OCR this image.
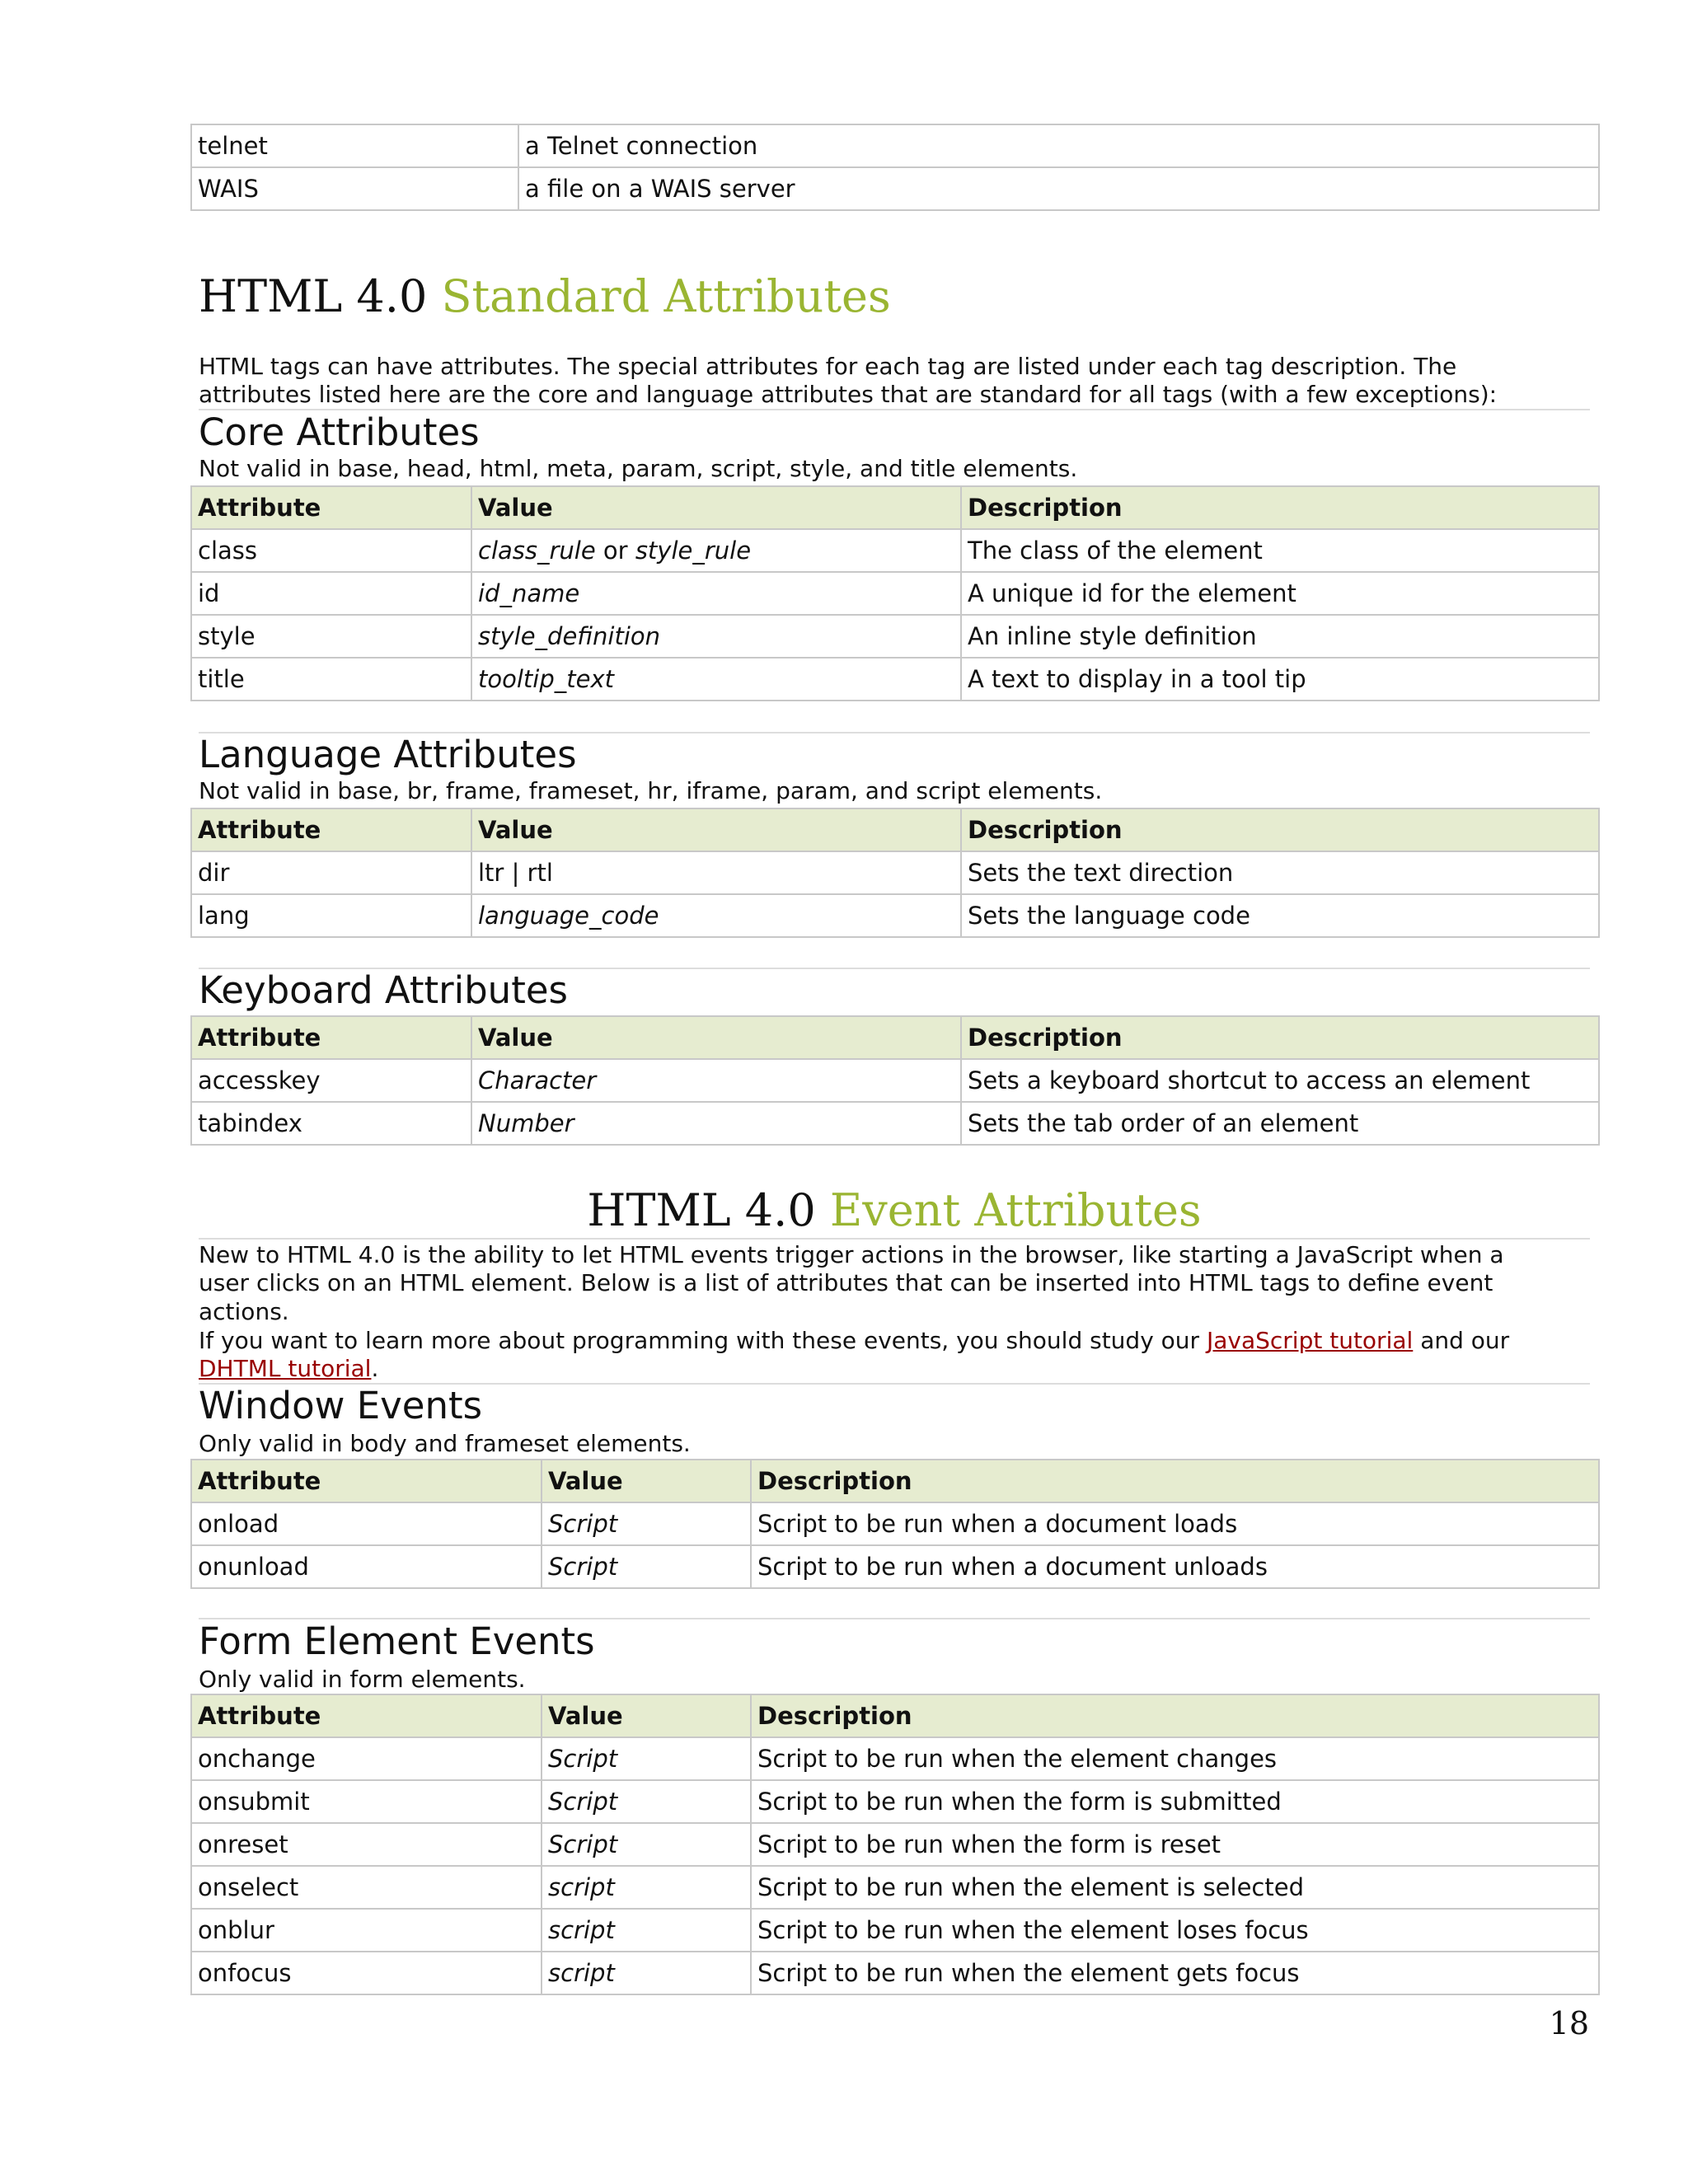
telnet	a Telnet connection
WAIS	a file on a WAIS server
HTML 4.0 Standard Attributes
HTML tags can have attributes. The special attributes for each tag are listed under each tag description. The
attributes listed here are the core and language attributes that are standard for all tags (with a few exceptions):
Core Attributes
Not valid in base, head, html, meta, param, script, style, and title elements.
Attribute	Value	Description
class	class_rule or style_rule	The class of the element
id	id_name	A unique id for the element
style	style_definition	An inline style definition
title	tooltip_text	A text to display in a tool tip
Language Attributes
Not valid in base, br, frame, frameset, hr, iframe, param, and script elements.
Attribute	Value	Description
dir	ltr | rtl	Sets the text direction
lang	language_code	Sets the language code
Keyboard Attributes
Attribute	Value	Description
accesskey	Character	Sets a keyboard shortcut to access an element
tabindex	Number	Sets the tab order of an element
HTML 4.0 Event Attributes
New to HTML 4.0 is the ability to let HTML events trigger actions in the browser, like starting a JavaScript when a
user clicks on an HTML element. Below is a list of attributes that can be inserted into HTML tags to define event
actions.
If you want to learn more about programming with these events, you should study our JavaScript tutorial and our
DHTML tutorial.
Window Events
Only valid in body and frameset elements.
Attribute	Value	Description
onload	Script	Script to be run when a document loads
onunload	Script	Script to be run when a document unloads
Form Element Events
Only valid in form elements.
Attribute	Value	Description
onchange	Script	Script to be run when the element changes
onsubmit	Script	Script to be run when the form is submitted
onreset	Script	Script to be run when the form is reset
onselect	script	Script to be run when the element is selected
onblur	script	Script to be run when the element loses focus
onfocus	script	Script to be run when the element gets focus
18
